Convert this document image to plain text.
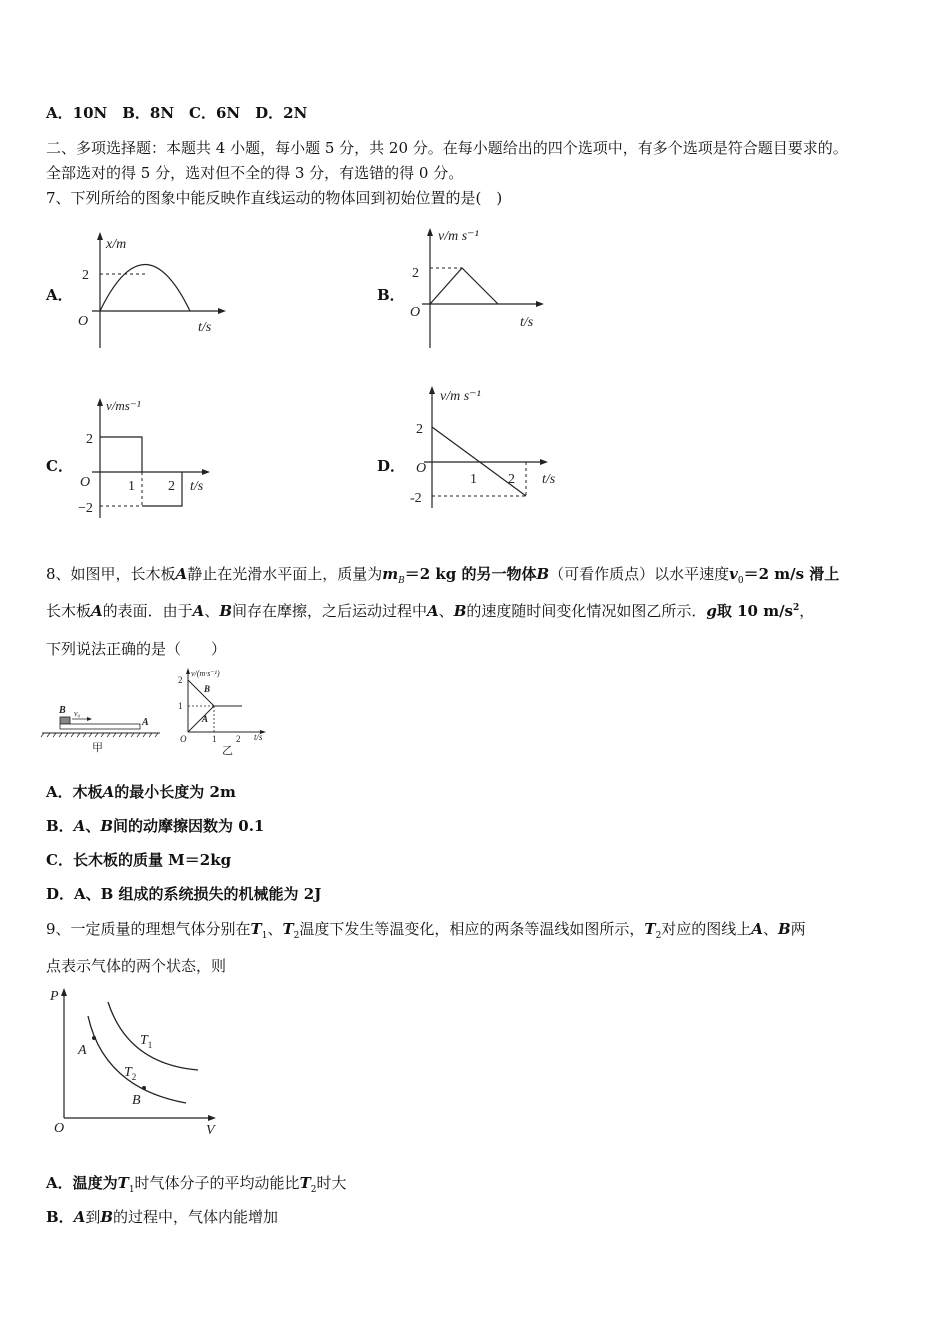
A．10N　B．8N　C．6N　D．2N
二、多项选择题：本题共 4 小题，每小题 5 分，共 20 分。在每小题给出的四个选项中，有多个选项是符合题目要求的。
全部选对的得 5 分，选对但不全的得 3 分，有选错的得 0 分。
7、下列所给的图象中能反映作直线运动的物体回到初始位置的是(　)
A．	B．
C．	D．
x/m
2
O	t/s
v/m s⁻¹
2
O
t/s
v/ms⁻¹
2
O
−2
1 2 t/s
v/m s⁻¹
2
O
-2
1 2 t/s
8、如图甲，长木板A静止在光滑水平面上，质量为$m_B=2$ kg 的另一物体B（可看作质点）以水平速度$v_0=2$ m/s 滑上
长木板A的表面．由于A、B间存在摩擦，之后运动过程中A、B的速度随时间变化情况如图乙所示．g取 10 $m/s^2$，
下列说法正确的是（　　）
B v₀
A
甲
v/(m·s⁻¹)
2
1
B
A
O	1 2 t/s
乙
A．木板A的最小长度为 2m
B．A、B间的动摩擦因数为 0.1
C．长木板的质量 M＝2kg
D．A、B 组成的系统损失的机械能为 2J
9、一定质量的理想气体分别在$T_1$、$T_2$温度下发生等温变化，相应的两条等温线如图所示，$T_2$对应的图线上A、B两
点表示气体的两个状态，则
P
O	V
$T_1$
$T_2$
A
B
A．温度为$T_1$时气体分子的平均动能比$T_2$时大
B．A到B的过程中，气体内能增加
